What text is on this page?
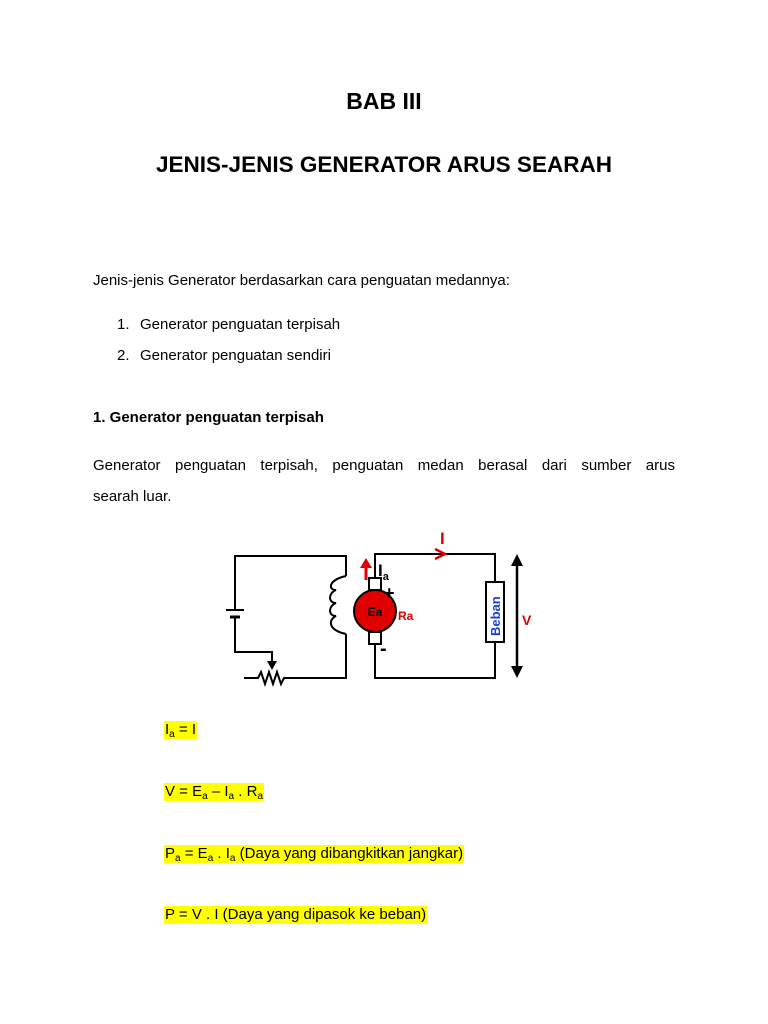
BAB III
JENIS-JENIS GENERATOR ARUS SEARAH
Jenis-jenis Generator berdasarkan cara penguatan medannya:
1. Generator penguatan terpisah
2. Generator penguatan sendiri
1. Generator penguatan terpisah
Generator penguatan terpisah, penguatan medan berasal dari sumber arus
searah luar.
Ea Ra
+
-
$I_a$
I
Beban V
$I_a = I$
$V = E_a - I_a$ . $R_a$
$P_a = E_a$ . $I_a$ (Daya yang dibangkitkan jangkar)
P = V . I (Daya yang dipasok ke beban)
